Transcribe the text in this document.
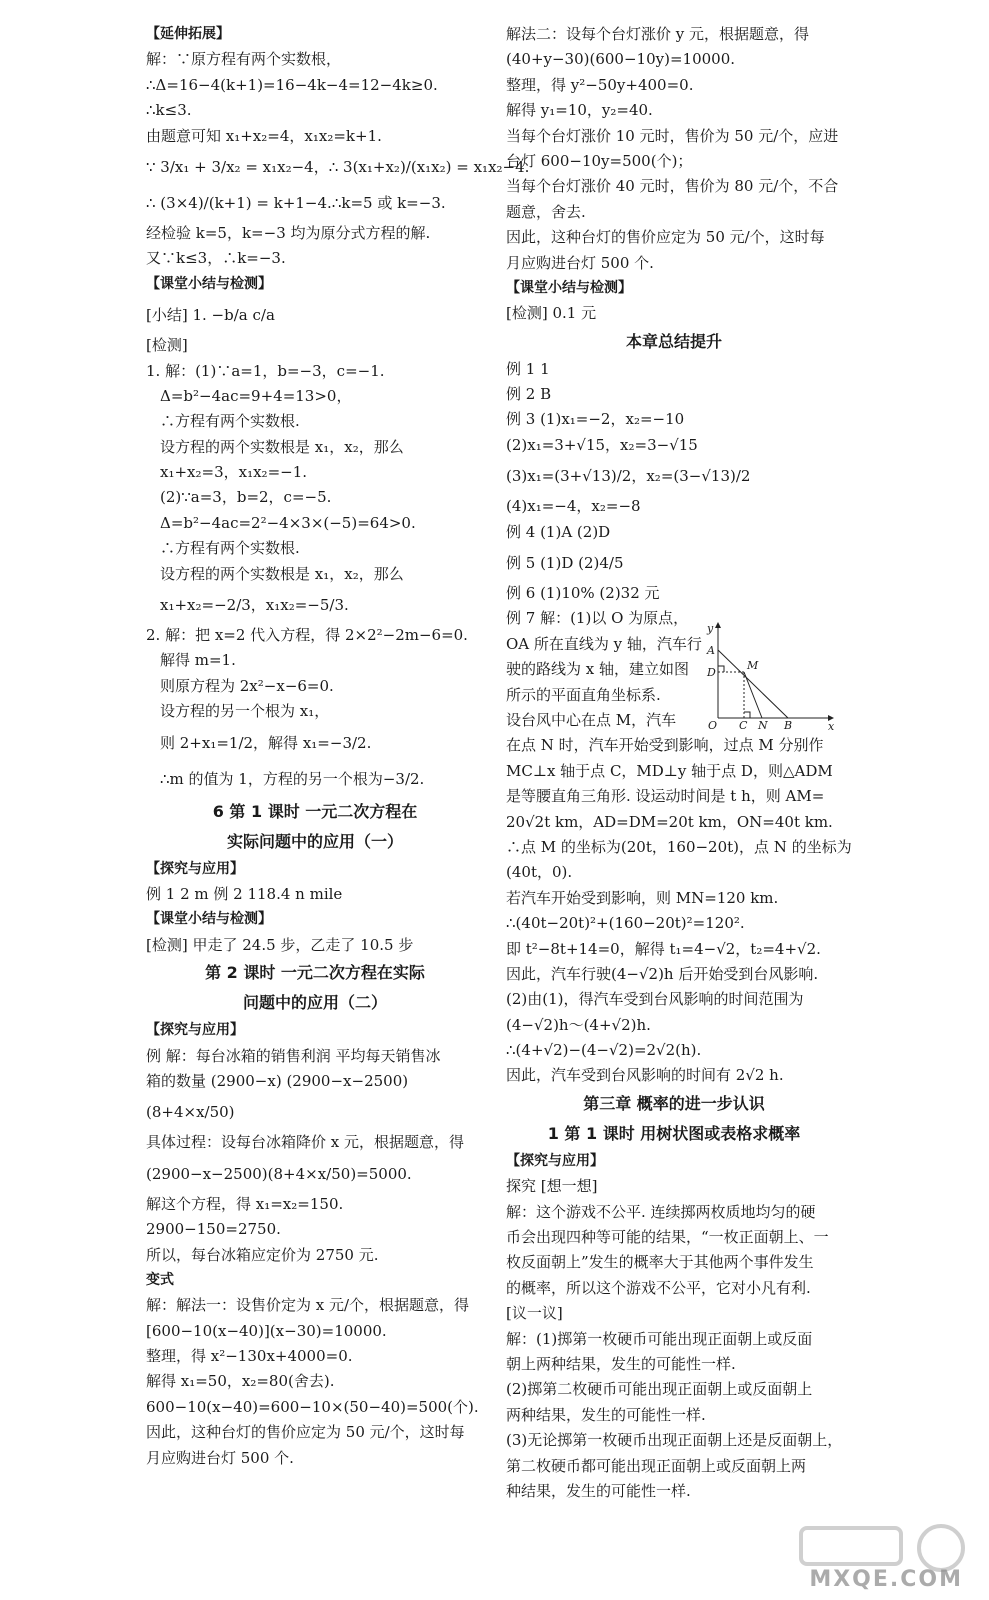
【延伸拓展】
解：∵原方程有两个实数根，
∴Δ=16−4(k+1)=16−4k−4=12−4k≥0.
∴k≤3.
由题意可知 x₁+x₂=4，x₁x₂=k+1.
∵ 3/x₁ + 3/x₂ = x₁x₂−4，∴ 3(x₁+x₂)/(x₁x₂) = x₁x₂−4.
∴ (3×4)/(k+1) = k+1−4.∴k=5 或 k=−3.
经检验 k=5，k=−3 均为原分式方程的解.
又∵k≤3，∴k=−3.
【课堂小结与检测】
[小结] 1. −b/a c/a
[检测]
1. 解：(1)∵a=1，b=−3，c=−1.
Δ=b²−4ac=9+4=13>0，
∴方程有两个实数根.
设方程的两个实数根是 x₁，x₂，那么
x₁+x₂=3，x₁x₂=−1.
(2)∵a=3，b=2，c=−5.
Δ=b²−4ac=2²−4×3×(−5)=64>0.
∴方程有两个实数根.
设方程的两个实数根是 x₁，x₂，那么
x₁+x₂=−2/3，x₁x₂=−5/3.
2. 解：把 x=2 代入方程，得 2×2²−2m−6=0.
解得 m=1.
则原方程为 2x²−x−6=0.
设方程的另一个根为 x₁，
则 2+x₁=1/2，解得 x₁=−3/2.
∴m 的值为 1，方程的另一个根为−3/2.
6 第 1 课时 一元二次方程在
实际问题中的应用（一）
【探究与应用】
例 1 2 m 例 2 118.4 n mile
【课堂小结与检测】
[检测] 甲走了 24.5 步，乙走了 10.5 步
第 2 课时 一元二次方程在实际
问题中的应用（二）
【探究与应用】
例 解：每台冰箱的销售利润 平均每天销售冰
箱的数量 (2900−x) (2900−x−2500)
(8+4×x/50)
具体过程：设每台冰箱降价 x 元，根据题意，得
(2900−x−2500)(8+4×x/50)=5000.
解这个方程，得 x₁=x₂=150.
2900−150=2750.
所以，每台冰箱应定价为 2750 元.
变式
解：解法一：设售价定为 x 元/个，根据题意，得
[600−10(x−40)](x−30)=10000.
整理，得 x²−130x+4000=0.
解得 x₁=50，x₂=80(舍去).
600−10(x−40)=600−10×(50−40)=500(个).
因此，这种台灯的售价应定为 50 元/个，这时每
月应购进台灯 500 个.
解法二：设每个台灯涨价 y 元，根据题意，得
(40+y−30)(600−10y)=10000.
整理，得 y²−50y+400=0.
解得 y₁=10，y₂=40.
当每个台灯涨价 10 元时，售价为 50 元/个，应进
台灯 600−10y=500(个)；
当每个台灯涨价 40 元时，售价为 80 元/个，不合
题意，舍去.
因此，这种台灯的售价应定为 50 元/个，这时每
月应购进台灯 500 个.
【课堂小结与检测】
[检测] 0.1 元
本章总结提升
例 1 1
例 2 B
例 3 (1)x₁=−2，x₂=−10
(2)x₁=3+√15，x₂=3−√15
(3)x₁=(3+√13)/2，x₂=(3−√13)/2
(4)x₁=−4，x₂=−8
例 4 (1)A (2)D
例 5 (1)D (2)4/5
例 6 (1)10% (2)32 元
例 7 解：(1)以 O 为原点，
OA 所在直线为 y 轴，汽车行
驶的路线为 x 轴，建立如图
所示的平面直角坐标系.
设台风中心在点 M，汽车
在点 N 时，汽车开始受到影响，过点 M 分别作
MC⊥x 轴于点 C，MD⊥y 轴于点 D，则△ADM
是等腰直角三角形. 设运动时间是 t h，则 AM=
20√2t km，AD=DM=20t km，ON=40t km.
∴点 M 的坐标为(20t，160−20t)，点 N 的坐标为
(40t，0).
若汽车开始受到影响，则 MN=120 km.
∴(40t−20t)²+(160−20t)²=120².
即 t²−8t+14=0，解得 t₁=4−√2，t₂=4+√2.
因此，汽车行驶(4−√2)h 后开始受到台风影响.
(2)由(1)，得汽车受到台风影响的时间范围为
(4−√2)h～(4+√2)h.
∴(4+√2)−(4−√2)=2√2(h).
因此，汽车受到台风影响的时间有 2√2 h.
第三章 概率的进一步认识
1 第 1 课时 用树状图或表格求概率
【探究与应用】
探究 [想一想]
解：这个游戏不公平. 连续掷两枚质地均匀的硬
币会出现四种等可能的结果，“一枚正面朝上、一
枚反面朝上”发生的概率大于其他两个事件发生
的概率，所以这个游戏不公平，它对小凡有利.
[议一议]
解：(1)掷第一枚硬币可能出现正面朝上或反面
朝上两种结果，发生的可能性一样.
(2)掷第二枚硬币可能出现正面朝上或反面朝上
两种结果，发生的可能性一样.
(3)无论掷第一枚硬币出现正面朝上还是反面朝上，
第二枚硬币都可能出现正面朝上或反面朝上两
种结果，发生的可能性一样.
y
x
A
D
M
O C N B
MXQE.COM
